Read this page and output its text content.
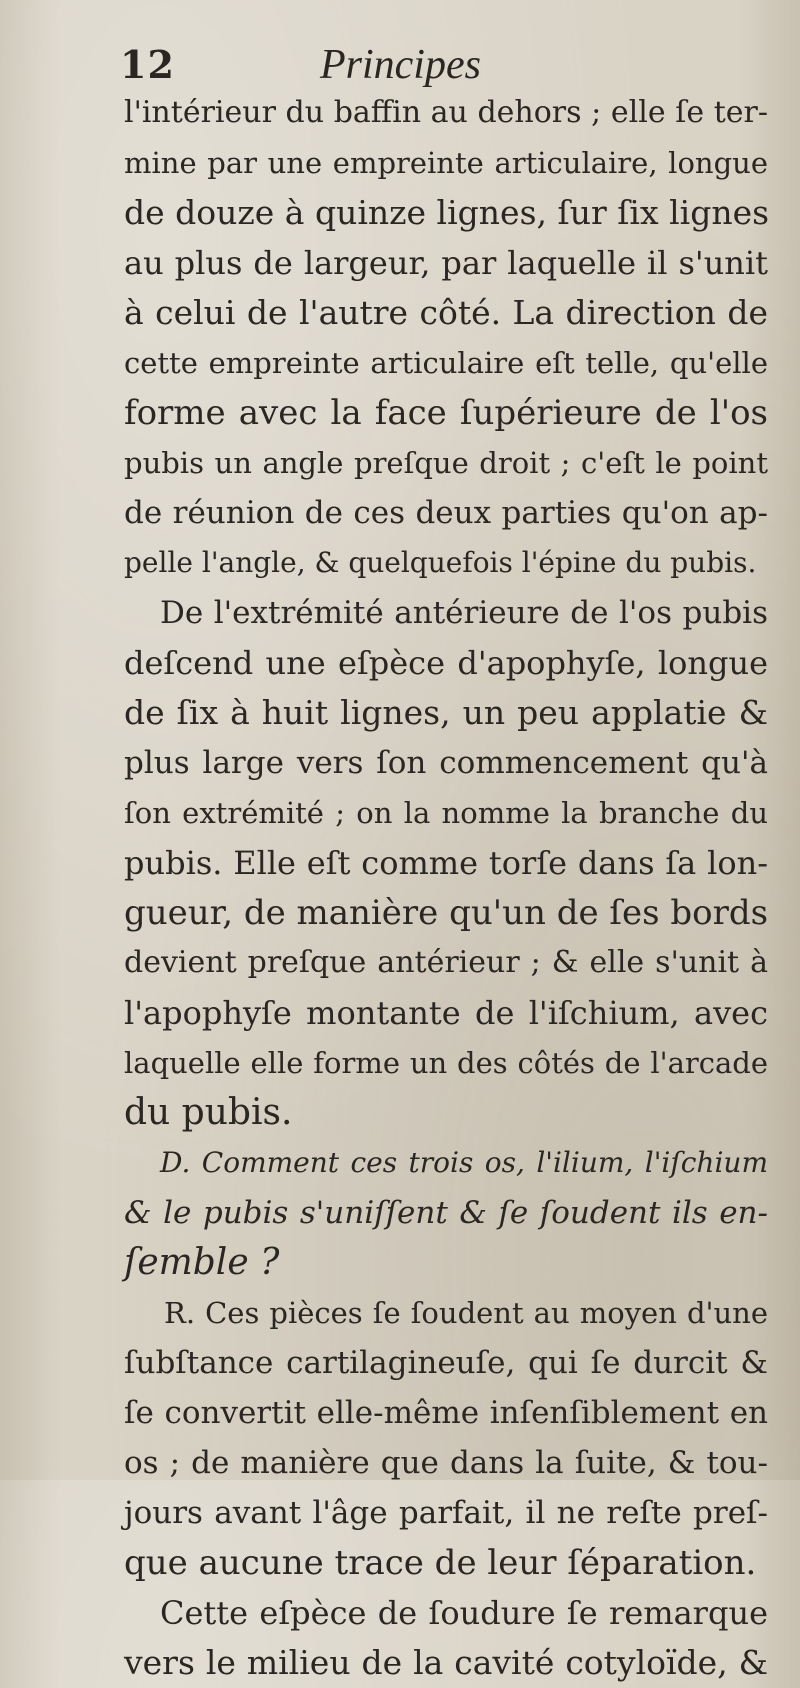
12	Principes
l'intérieur du baffin au dehors ; elle ſe ter-
mine par une empreinte articulaire, longue
de douze à quinze lignes, ſur ſix lignes
au plus de largeur, par laquelle il s'unit
à celui de l'autre côté. La direction de
cette empreinte articulaire eſt telle, qu'elle
forme avec la face ſupérieure de l'os
pubis un angle preſque droit ; c'eſt le point
de réunion de ces deux parties qu'on ap-
pelle l'angle, & quelquefois l'épine du pubis.
De l'extrémité antérieure de l'os pubis
deſcend une eſpèce d'apophyſe, longue
de ſix à huit lignes, un peu applatie &
plus large vers ſon commencement qu'à
ſon extrémité ; on la nomme la branche du
pubis. Elle eſt comme torſe dans ſa lon-
gueur, de manière qu'un de ſes bords
devient preſque antérieur ; & elle s'unit à
l'apophyſe montante de l'iſchium, avec
laquelle elle forme un des côtés de l'arcade
du pubis.
D. Comment ces trois os, l'ilium, l'iſchium
& le pubis s'uniſſent & ſe ſoudent ils en-
ſemble ?
R. Ces pièces ſe ſoudent au moyen d'une
ſubſtance cartilagineuſe, qui ſe durcit &
ſe convertit elle-même inſenſiblement en
os ; de manière que dans la ſuite, & tou-
jours avant l'âge parfait, il ne reſte preſ-
que aucune trace de leur ſéparation.
Cette eſpèce de ſoudure ſe remarque
vers le milieu de la cavité cotyloïde, &
